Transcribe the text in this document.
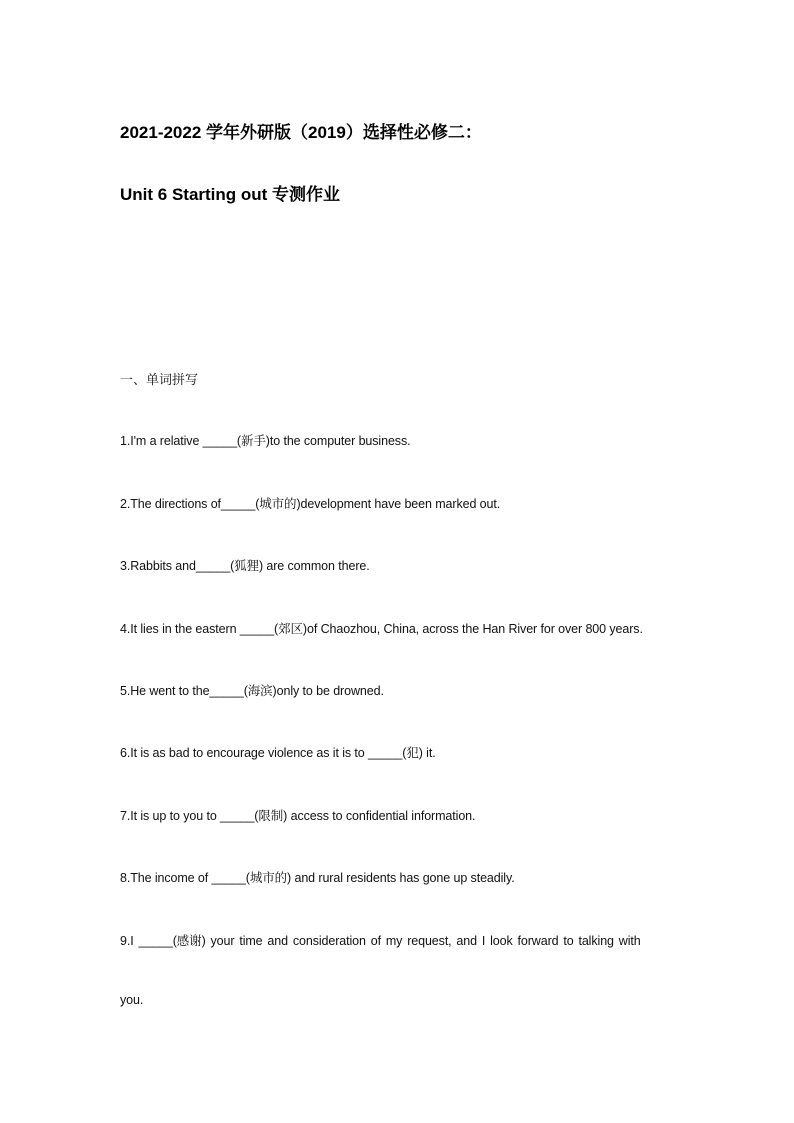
2021-2022 学年外研版（2019）选择性必修二：
Unit 6 Starting out 专测作业
一、单词拼写
1.I'm a relative _____(新手)to the computer business.
2.The directions of_____(城市的)development have been marked out.
3.Rabbits and_____(狐狸) are common there.
4.It lies in the eastern _____(郊区)of Chaozhou, China, across the Han River for over 800 years.
5.He went to the_____(海滨)only to be drowned.
6.It is as bad to encourage violence as it is to _____(犯) it.
7.It is up to you to _____(限制) access to confidential information.
8.The income of _____(城市的) and rural residents has gone up steadily.
9.I _____(感谢) your time and consideration of my request, and I look forward to talking with
you.
